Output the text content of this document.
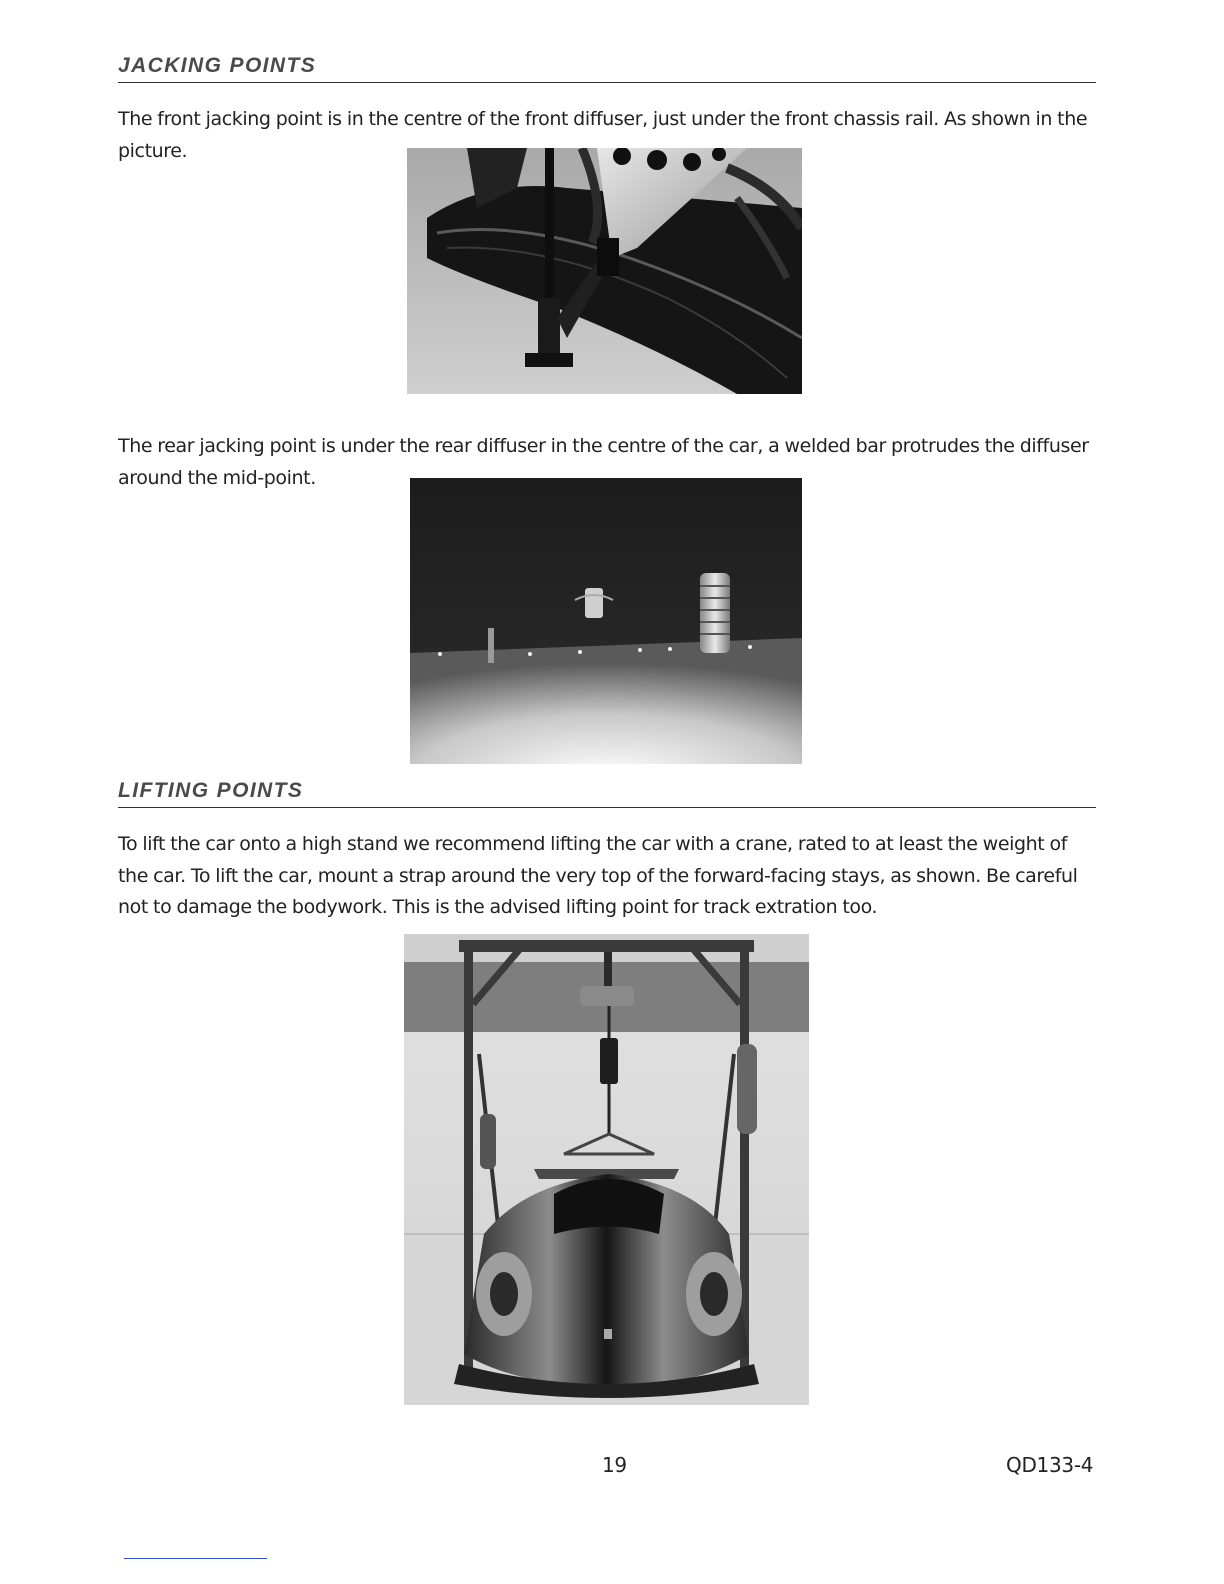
JACKING POINTS

The front jacking point is in the centre of the front diffuser, just under the front chassis rail. As shown in the picture.

The rear jacking point is under the rear diffuser in the centre of the car, a welded bar protrudes the diffuser around the mid-point.

LIFTING POINTS

To lift the car onto a high stand we recommend lifting the car with a crane, rated to at least the weight of the car. To lift the car, mount a strap around the very top of the forward-facing stays, as shown. Be careful not to damage the bodywork. This is the advised lifting point for track extration too.

19	QD133-4
